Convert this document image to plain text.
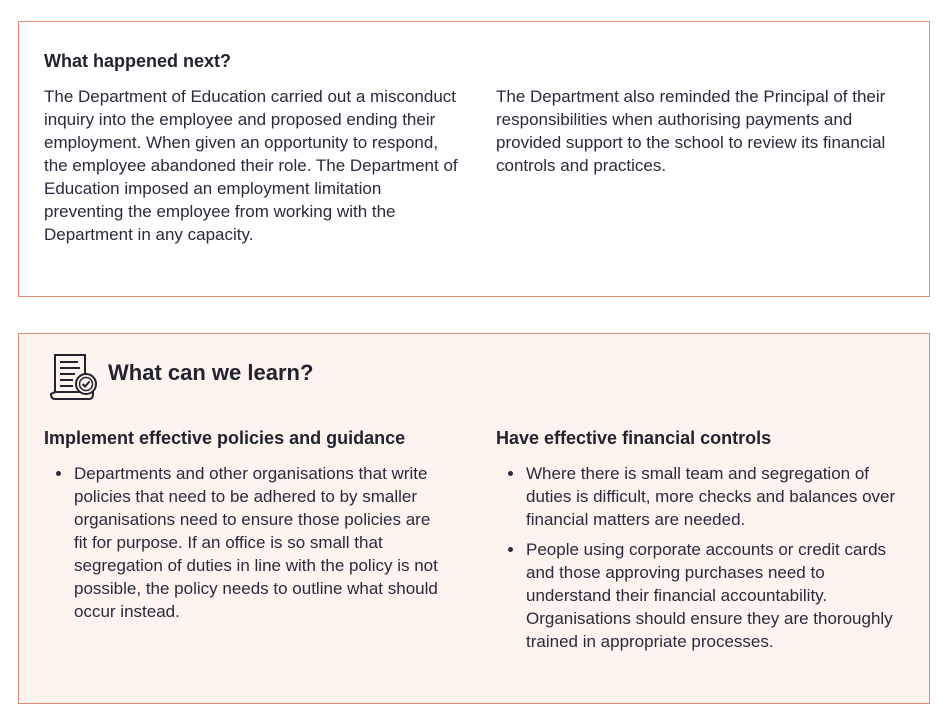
What happened next?

The Department of Education carried out a misconduct inquiry into the employee and proposed ending their employment. When given an opportunity to respond, the employee abandoned their role. The Department of Education imposed an employment limitation preventing the employee from working with the Department in any capacity.

The Department also reminded the Principal of their responsibilities when authorising payments and provided support to the school to review its financial controls and practices.

What can we learn?
Implement effective policies and guidance
Departments and other organisations that write policies that need to be adhered to by smaller organisations need to ensure those policies are fit for purpose. If an office is so small that segregation of duties in line with the policy is not possible, the policy needs to outline what should occur instead.
Have effective financial controls
Where there is small team and segregation of duties is difficult, more checks and balances over financial matters are needed.
People using corporate accounts or credit cards and those approving purchases need to understand their financial accountability. Organisations should ensure they are thoroughly trained in appropriate processes.
